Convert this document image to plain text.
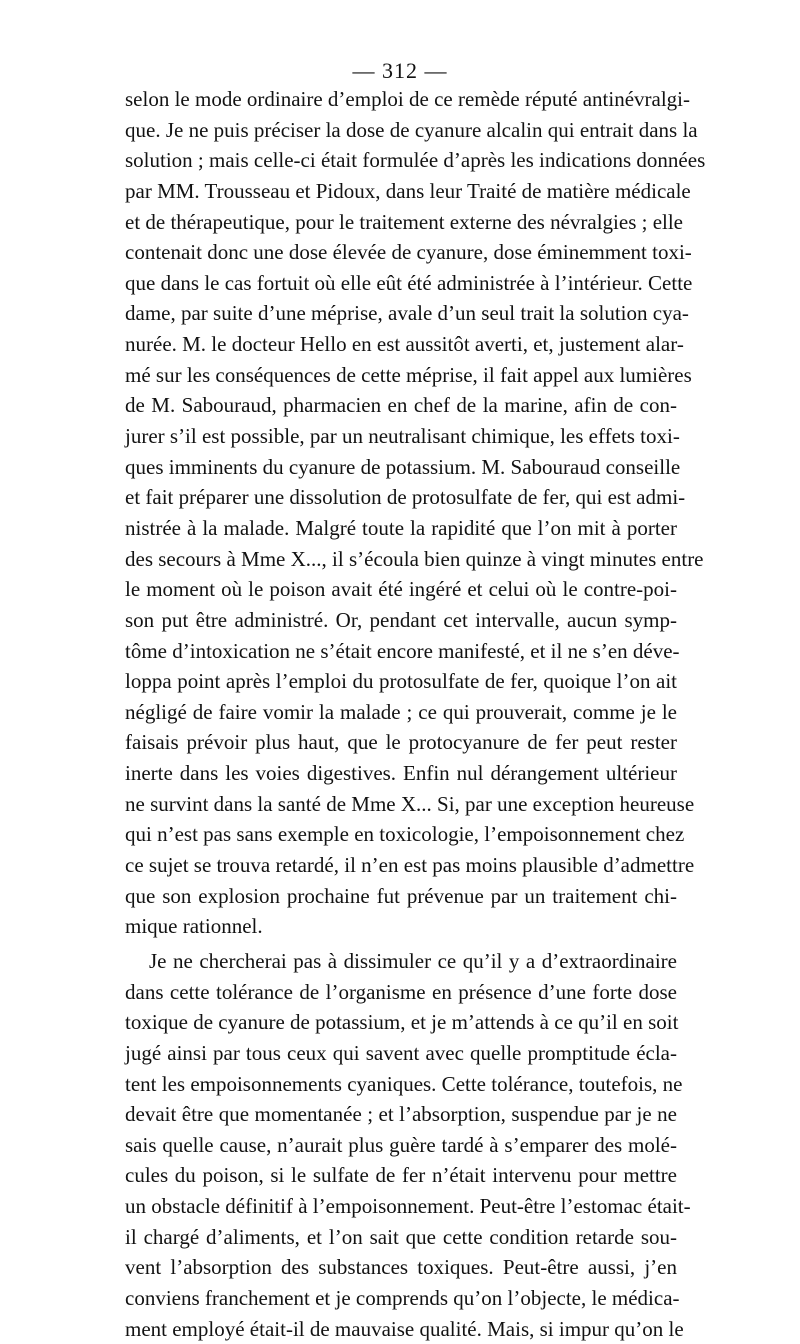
— 312 —
selon le mode ordinaire d’emploi de ce remède réputé antinévralgi-
que. Je ne puis préciser la dose de cyanure alcalin qui entrait dans la
solution ; mais celle-ci était formulée d’après les indications données
par MM. Trousseau et Pidoux, dans leur Traité de matière médicale
et de thérapeutique, pour le traitement externe des névralgies ; elle
contenait donc une dose élevée de cyanure, dose éminemment toxi-
que dans le cas fortuit où elle eût été administrée à l’intérieur. Cette
dame, par suite d’une méprise, avale d’un seul trait la solution cya-
nurée. M. le docteur Hello en est aussitôt averti, et, justement alar-
mé sur les conséquences de cette méprise, il fait appel aux lumières
de M. Sabouraud, pharmacien en chef de la marine, afin de con-
jurer s’il est possible, par un neutralisant chimique, les effets toxi-
ques imminents du cyanure de potassium. M. Sabouraud conseille
et fait préparer une dissolution de protosulfate de fer, qui est admi-
nistrée à la malade. Malgré toute la rapidité que l’on mit à porter
des secours à Mme X..., il s’écoula bien quinze à vingt minutes entre
le moment où le poison avait été ingéré et celui où le contre-poi-
son put être administré. Or, pendant cet intervalle, aucun symp-
tôme d’intoxication ne s’était encore manifesté, et il ne s’en déve-
loppa point après l’emploi du protosulfate de fer, quoique l’on ait
négligé de faire vomir la malade ; ce qui prouverait, comme je le
faisais prévoir plus haut, que le protocyanure de fer peut rester
inerte dans les voies digestives. Enfin nul dérangement ultérieur
ne survint dans la santé de Mme X... Si, par une exception heureuse
qui n’est pas sans exemple en toxicologie, l’empoisonnement chez
ce sujet se trouva retardé, il n’en est pas moins plausible d’admettre
que son explosion prochaine fut prévenue par un traitement chi-
mique rationnel.
Je ne chercherai pas à dissimuler ce qu’il y a d’extraordinaire
dans cette tolérance de l’organisme en présence d’une forte dose
toxique de cyanure de potassium, et je m’attends à ce qu’il en soit
jugé ainsi par tous ceux qui savent avec quelle promptitude écla-
tent les empoisonnements cyaniques. Cette tolérance, toutefois, ne
devait être que momentanée ; et l’absorption, suspendue par je ne
sais quelle cause, n’aurait plus guère tardé à s’emparer des molé-
cules du poison, si le sulfate de fer n’était intervenu pour mettre
un obstacle définitif à l’empoisonnement. Peut-être l’estomac était-
il chargé d’aliments, et l’on sait que cette condition retarde sou-
vent l’absorption des substances toxiques. Peut-être aussi, j’en
conviens franchement et je comprends qu’on l’objecte, le médica-
ment employé était-il de mauvaise qualité. Mais, si impur qu’on le
